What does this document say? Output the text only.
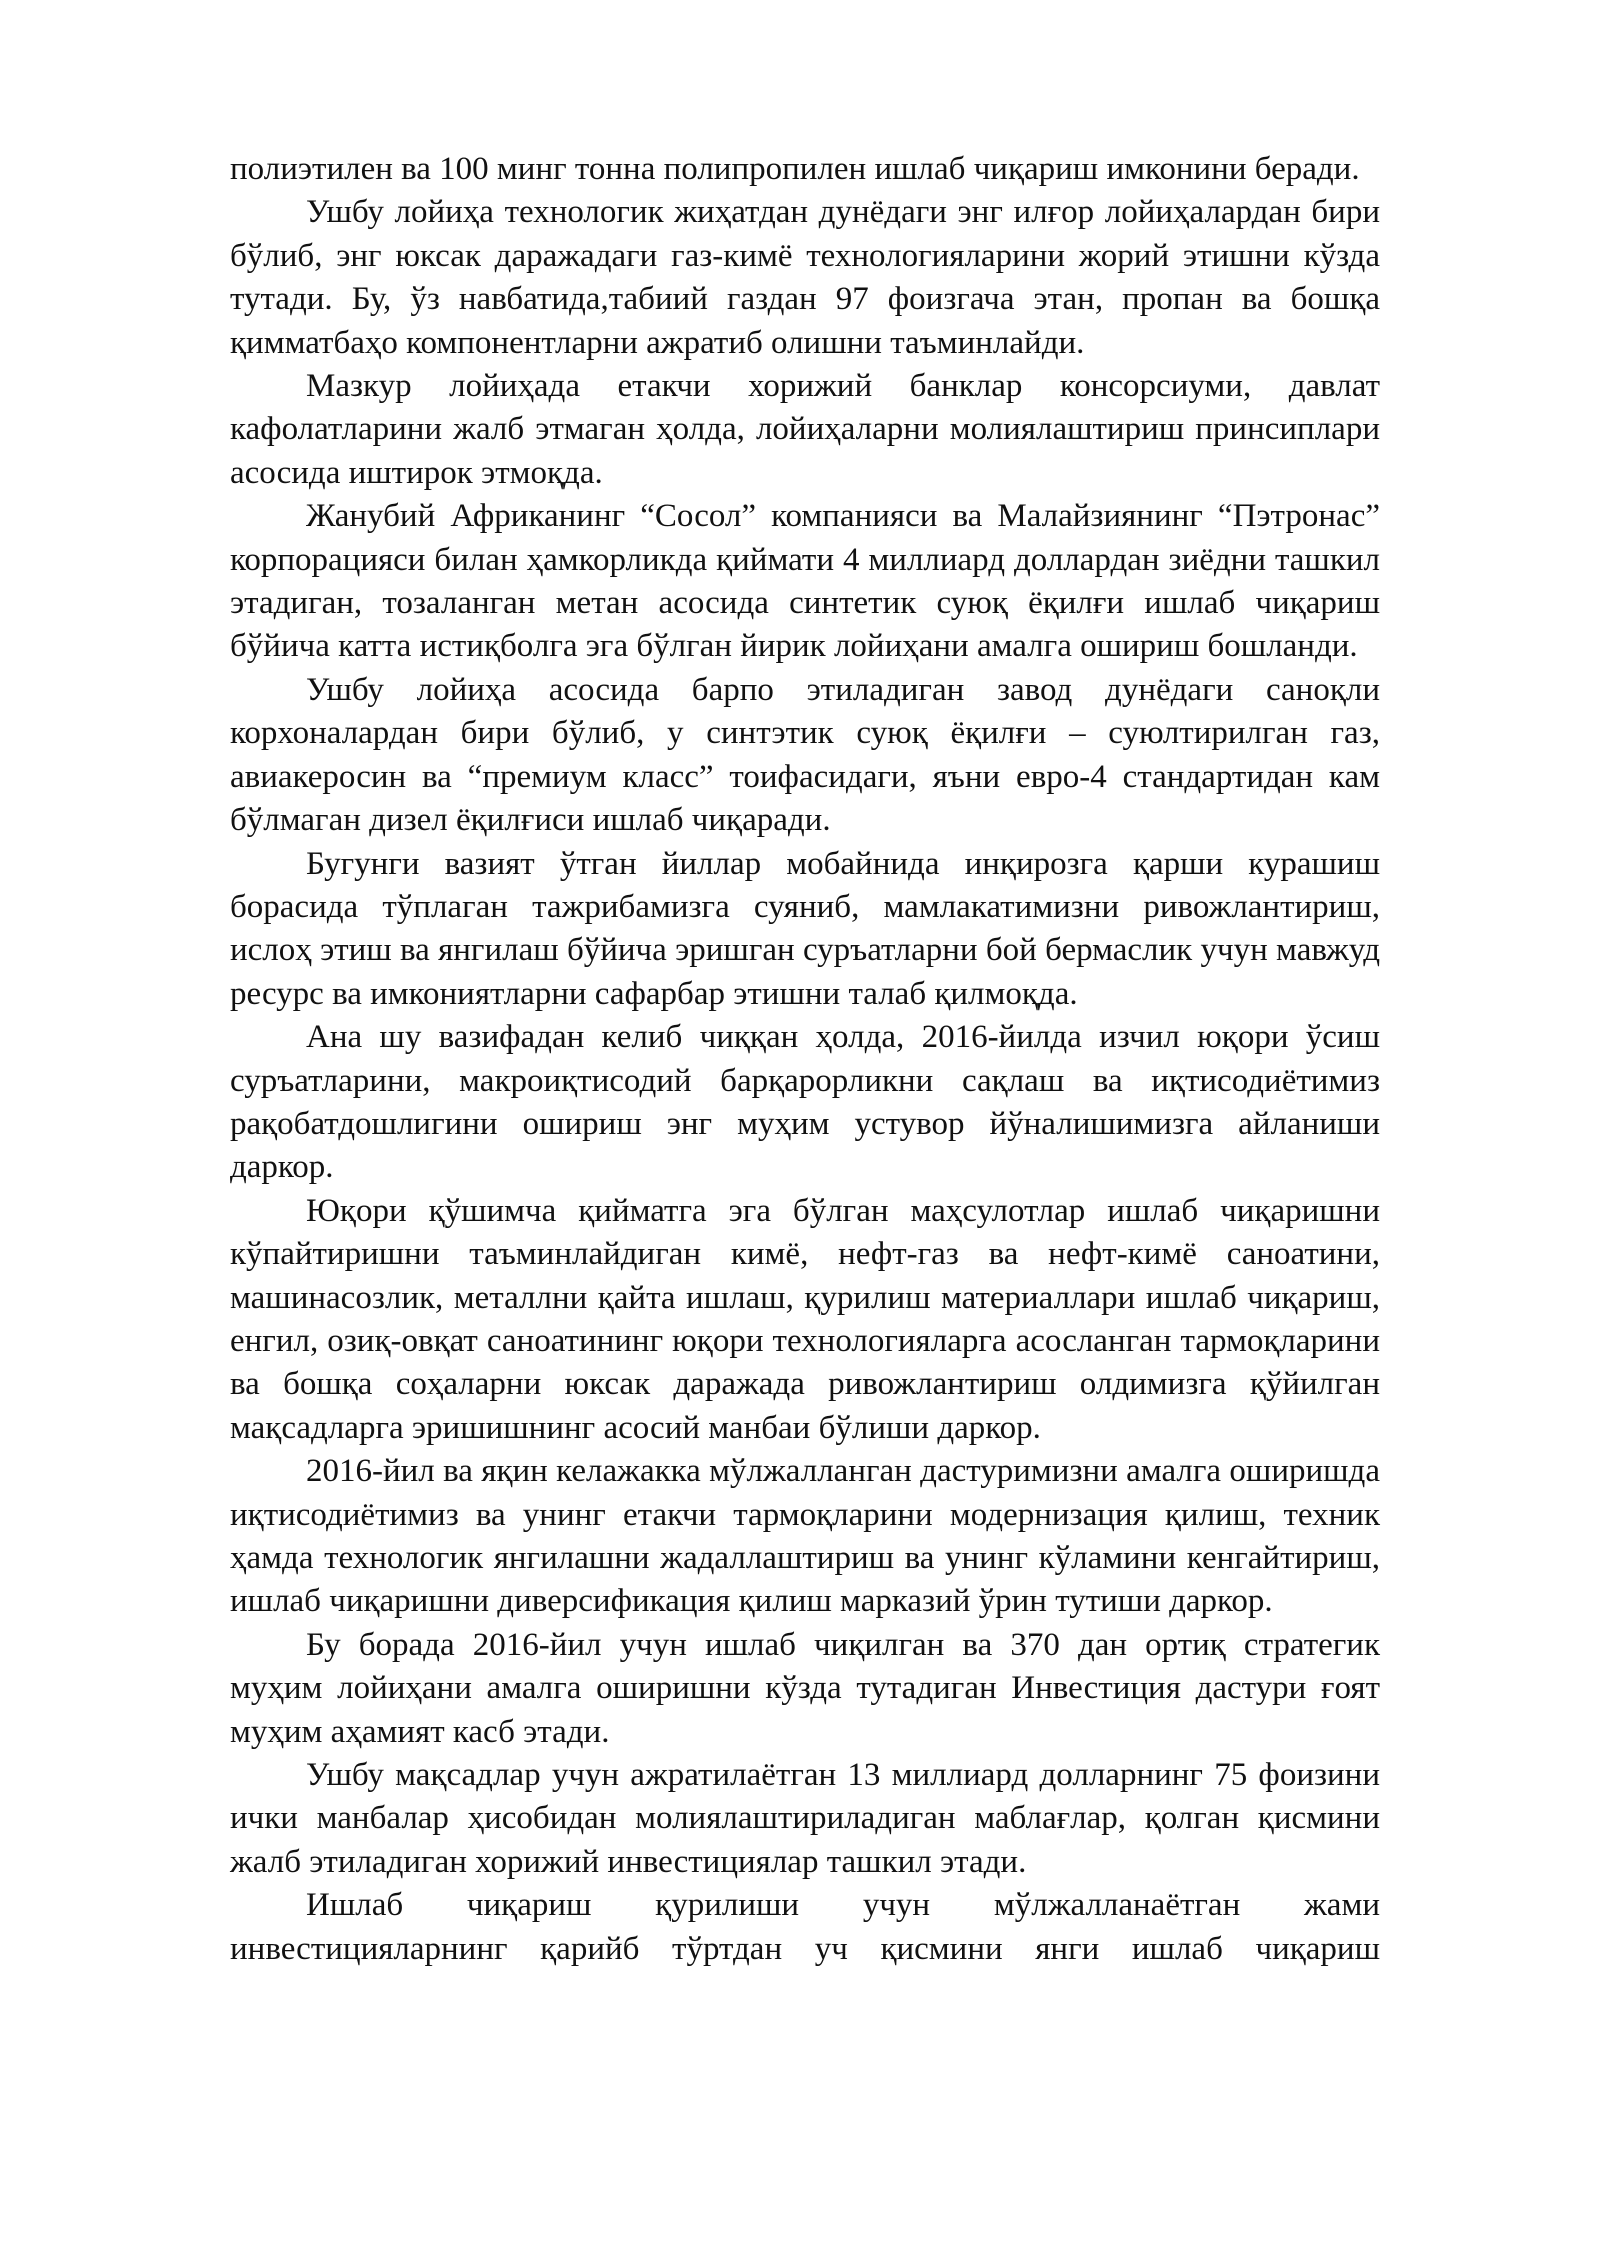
полиэтилен ва 100 минг тонна полипропилен ишлаб чиқариш имконини беради.

Ушбу лойиҳа технологик жиҳатдан дунёдаги энг илғор лойиҳалардан бири бўлиб, энг юксак даражадаги газ-кимё технологияларини жорий этишни кўзда тутади. Бу, ўз навбатида,табиий газдан 97 фоизгача этан, пропан ва бошқа қимматбаҳо компонентларни ажратиб олишни таъминлайди.

Мазкур лойиҳада етакчи хорижий банклар консорсиуми, давлат кафолатларини жалб этмаган ҳолда, лойиҳаларни молиялаштириш принсиплари асосида иштирок этмоқда.

Жанубий Африканинг “Сосол” компанияси ва Малайзиянинг “Пэтронас” корпорацияси билан ҳамкорликда қиймати 4 миллиард доллардан зиёдни ташкил этадиган, тозаланган метан асосида синтетик суюқ ёқилғи ишлаб чиқариш бўйича катта истиқболга эга бўлган йирик лойиҳани амалга ошириш бошланди.

Ушбу лойиҳа асосида барпо этиладиган завод дунёдаги саноқли корхоналардан бири бўлиб, у синтэтик суюқ ёқилғи – суюлтирилган газ, авиакеросин ва “премиум класс” тоифасидаги, яъни евро-4 стандартидан кам бўлмаган дизел ёқилғиси ишлаб чиқаради.

Бугунги вазият ўтган йиллар мобайнида инқирозга қарши курашиш борасида тўплаган тажрибамизга суяниб, мамлакатимизни ривожлантириш, ислоҳ этиш ва янгилаш бўйича эришган суръатларни бой бермаслик учун мавжуд ресурс ва имкониятларни сафарбар этишни талаб қилмоқда.

Ана шу вазифадан келиб чиққан ҳолда, 2016-йилда изчил юқори ўсиш суръатларини, макроиқтисодий барқарорликни сақлаш ва иқтисодиётимиз рақобатдошлигини ошириш энг муҳим устувор йўналишимизга айланиши даркор.

Юқори қўшимча қийматга эга бўлган маҳсулотлар ишлаб чиқаришни кўпайтиришни таъминлайдиган кимё, нефт-газ ва нефт-кимё саноатини, машинасозлик, металлни қайта ишлаш, қурилиш материаллари ишлаб чиқариш, енгил, озиқ-овқат саноатининг юқори технологияларга асосланган тармоқларини ва бошқа соҳаларни юксак даражада ривожлантириш олдимизга қўйилган мақсадларга эришишнинг асосий манбаи бўлиши даркор.

2016-йил ва яқин келажакка мўлжалланган дастуримизни амалга оширишда иқтисодиётимиз ва унинг етакчи тармоқларини модернизация қилиш, техник ҳамда технологик янгилашни жадаллаштириш ва унинг кўламини кенгайтириш, ишлаб чиқаришни диверсификация қилиш марказий ўрин тутиши даркор.

Бу борада 2016-йил учун ишлаб чиқилган ва 370 дан ортиқ стратегик муҳим лойиҳани амалга оширишни кўзда тутадиган Инвестиция дастури ғоят муҳим аҳамият касб этади.

Ушбу мақсадлар учун ажратилаётган 13 миллиард долларнинг 75 фоизини ички манбалар ҳисобидан молиялаштириладиган маблағлар, қолган қисмини жалб этиладиган хорижий инвестициялар ташкил этади.

Ишлаб чиқариш қурилиши учун мўлжалланаётган жами инвестицияларнинг қарийб тўртдан уч қисмини янги ишлаб чиқариш
